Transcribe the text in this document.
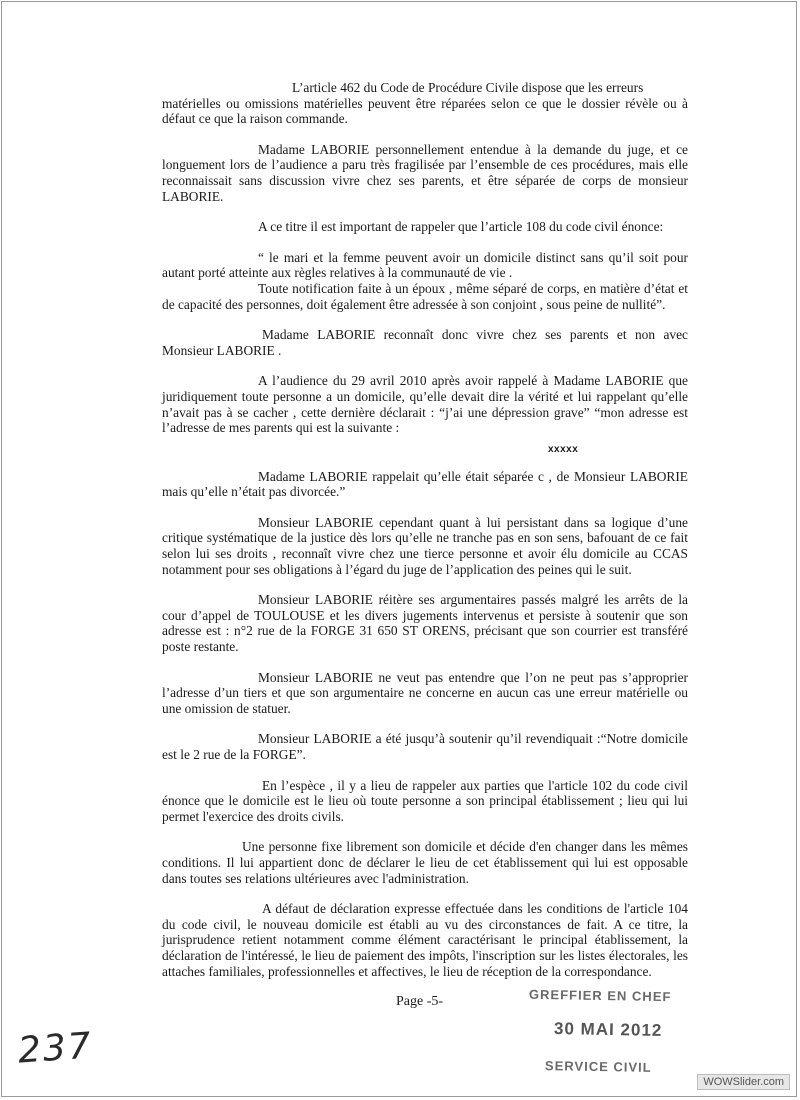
L’article 462 du Code de Procédure Civile dispose que les erreurs
matérielles ou omissions matérielles peuvent être réparées selon ce que le dossier révèle ou à défaut ce que la raison commande.

Madame LABORIE personnellement entendue à la demande du juge, et ce longuement lors de l’audience a paru très fragilisée par l’ensemble de ces procédures, mais elle reconnaissait sans discussion vivre chez ses parents, et être séparée de corps de monsieur LABORIE.

A ce titre il est important de rappeler que l’article 108 du code civil énonce:

“ le mari et la femme peuvent avoir un domicile distinct sans qu’il soit pour autant porté atteinte aux règles relatives à la communauté de vie .

Toute notification faite à un époux , même séparé de corps, en matière d’état et de capacité des personnes, doit également être adressée à son conjoint , sous peine de nullité”.

Madame LABORIE reconnaît donc vivre chez ses parents et non avec Monsieur LABORIE .

A l’audience du 29 avril 2010 après avoir rappelé à Madame LABORIE que juridiquement toute personne a un domicile, qu’elle devait dire la vérité et lui rappelant qu’elle n’avait pas à se cacher , cette dernière déclarait : “j’ai une dépression grave” “mon adresse est l’adresse de mes parents qui est la suivante :

xxxxx

Madame LABORIE rappelait qu’elle était séparée c , de Monsieur LABORIE mais qu’elle n’était pas divorcée.”

Monsieur LABORIE cependant quant à lui persistant dans sa logique d’une critique systématique de la justice dès lors qu’elle ne tranche pas en son sens, bafouant de ce fait selon lui ses droits , reconnaît vivre chez une tierce personne et avoir élu domicile au CCAS notamment pour ses obligations à l’égard du juge de l’application des peines qui le suit.

Monsieur LABORIE réitère ses argumentaires passés malgré les arrêts de la cour d’appel de TOULOUSE et les divers jugements intervenus et persiste à soutenir que son adresse est : n°2 rue de la FORGE 31 650 ST ORENS, précisant que son courrier est transféré poste restante.

Monsieur LABORIE ne veut pas entendre que l’on ne peut pas s’approprier l’adresse d’un tiers et que son argumentaire ne concerne en aucun cas une erreur matérielle ou une omission de statuer.

Monsieur LABORIE a été jusqu’à soutenir qu’il revendiquait :“Notre domicile est le 2 rue de la FORGE”.

En l’espèce , il y a lieu de rappeler aux parties que l'article 102 du code civil énonce que le domicile est le lieu où toute personne a son principal établissement ; lieu qui lui permet l'exercice des droits civils.

Une personne fixe librement son domicile et décide d'en changer dans les mêmes conditions. Il lui appartient donc de déclarer le lieu de cet établissement qui lui est opposable dans toutes ses relations ultérieures avec l'administration.

A défaut de déclaration expresse effectuée dans les conditions de l'article 104 du code civil, le nouveau domicile est établi au vu des circonstances de fait. A ce titre, la jurisprudence retient notamment comme élément caractérisant le principal établissement, la déclaration de l'intéressé, le lieu de paiement des impôts, l'inscription sur les listes électorales, les attaches familiales, professionnelles et affectives, le lieu de réception de la correspondance.

Page -5-	GREFFIER EN CHEF
30 MAI 2012
SERVICE CIVIL
237
WOWSlider.com
